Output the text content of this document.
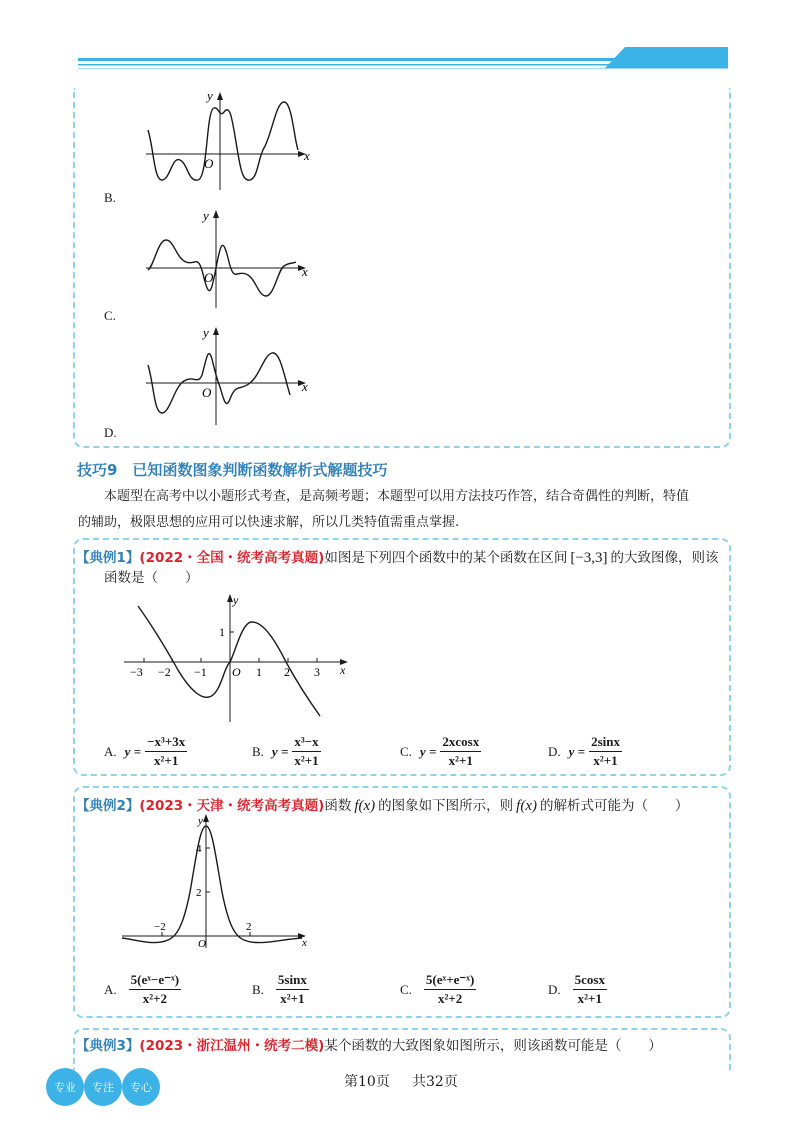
y
x
O
B.
y
x
O
C.
y
x
O
D.
技巧9　已知函数图象判断函数解析式解题技巧
本题型在高考中以小题形式考查，是高频考题；本题型可以用方法技巧作答，结合奇偶性的判断，特值
的辅助，极限思想的应用可以快速求解，所以几类特值需重点掌握.
【典例1】(2022・全国・统考高考真题)如图是下列四个函数中的某个函数在区间 [−3,3] 的大致图像，则该
函数是（　　）
−3 −2 −1	1 2 3
1
y
x
O
A. $y = \frac{\text{−x³+3x}}{\text{x²+1}}$	B. $y = \frac{\text{x³−x}}{\text{x²+1}}$	C. $y = \frac{2xcosx}{\text{x²+1}}$	D. $y = \frac{2\sin x}{\text{x²+1}}$
【典例2】(2023・天津・统考高考真题)函数 f(x) 的图象如下图所示，则 f(x) 的解析式可能为（　　）
4
2
−2	2
y
x
O
A. $\frac{\text{5(eˣ−e⁻ˣ)}}{\text{x²+2}}$	B. $\frac{5\sin x}{\text{x²+1}}$	C. $\frac{\text{5(eˣ+e⁻ˣ)}}{\text{x²+2}}$	D. $\frac{5\cos x}{\text{x²+1}}$
【典例3】(2023・浙江温州・统考二模)某个函数的大致图象如图所示，则该函数可能是（　　）
专业	专注	专心	第10页 共32页
